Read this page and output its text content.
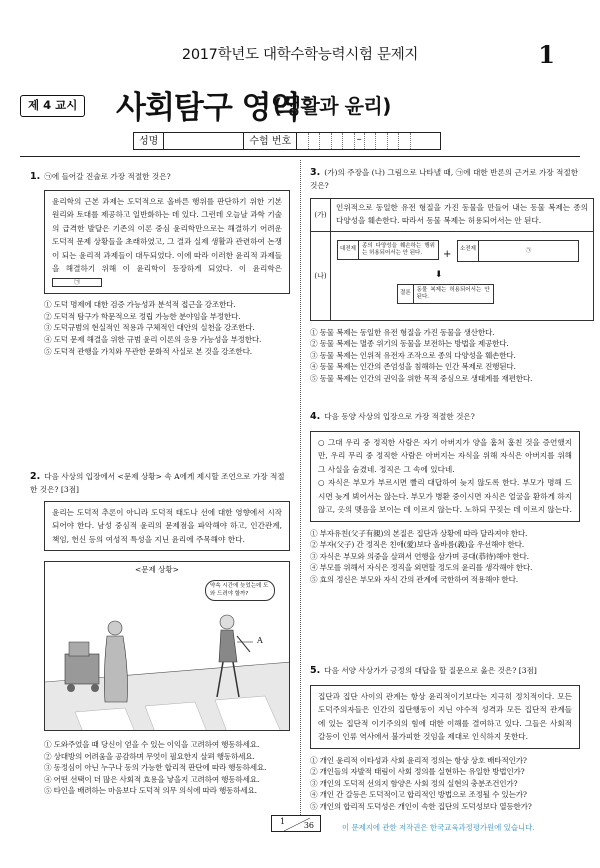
2017학년도 대학수학능력시험 문제지	1
제 4 교시 사회탐구 영역
(생활과 윤리)
성명	수험 번호	–
1. ㉠에 들어갈 진술로 가장 적절한 것은?
윤리학의 근본 과제는 도덕적으로 올바른 행위를 판단하기 위한 기본 원리와 토대를 제공하고 일반화하는 데 있다. 그런데 오늘날 과학 기술의 급격한 발달은 기존의 이론 중심 윤리학만으로는 해결하기 어려운 도덕적 문제 상황들을 초래하였고, 그 결과 실제 생활과 관련하여 논쟁이 되는 윤리적 과제들이 대두되었다. 이에 따라 이러한 윤리적 과제들을 해결하기 위해 이 윤리학이 등장하게 되었다. 이 윤리학은 ㉠
① 도덕 명제에 대한 검증 가능성과 분석적 접근을 강조한다.
② 도덕적 탐구가 학문적으로 정립 가능한 분야임을 부정한다.
③ 도덕규범의 현실적인 적용과 구체적인 대안의 실천을 강조한다.
④ 도덕 문제 해결을 위한 규범 윤리 이론의 응용 가능성을 부정한다.
⑤ 도덕적 관행을 가치와 무관한 문화적 사실로 본 것을 강조한다.
2. 다음 사상의 입장에서 <문제 상황> 속 A에게 제시할 조언으로 가장 적절한 것은? [3점]
윤리는 도덕적 추론이 아니라 도덕적 태도나 선에 대한 영향에서 시작되어야 한다. 남성 중심적 윤리의 문제점을 파악해야 하고, 인간관계, 책임, 헌신 등의 여성적 특성을 지닌 윤리에 주목해야 한다.
<문제 상황>
약속 시간에 늦었는데 도와 드려야 할까?
A
① 도와주었을 때 당신이 얻을 수 있는 이익을 고려하여 행동하세요.
② 상대방의 어려움을 공감하며 무엇이 필요한지 살펴 행동하세요.
③ 동정심이 아닌 누구나 동의 가능한 합리적 판단에 따라 행동하세요.
④ 어떤 선택이 더 많은 사회적 효용을 낳을지 고려하여 행동하세요.
⑤ 타인을 배려하는 마음보다 도덕적 의무 의식에 따라 행동하세요.
3. (가)의 주장을 (나) 그림으로 나타낼 때, ㉠에 대한 반론의 근거로 가장 적절한 것은?
(가)
인위적으로 동일한 유전 형질을 가진 동물을 만들어 내는 동물 복제는 종의 다양성을 훼손한다. 따라서 동물 복제는 허용되어서는 안 된다.
(나)
대전제	종의 다양성을 훼손하는 행위는 허용되어서는 안 된다.	+	소전제	㉠
⬇
결론	동물 복제는 허용되어서는 안 된다.
① 동물 복제는 동일한 유전 형질을 가진 동물을 생산한다.
② 동물 복제는 멸종 위기의 동물을 보전하는 방법을 제공한다.
③ 동물 복제는 인위적 유전자 조작으로 종의 다양성을 훼손한다.
④ 동물 복제는 인간의 존엄성을 침해하는 인간 복제로 진행된다.
⑤ 동물 복제는 인간의 권익을 위한 목적 중심으로 생태계를 재편한다.
4. 다음 동양 사상의 입장으로 가장 적절한 것은?
○ 그대 우리 중 정직한 사람은 자기 아버지가 양을 훔쳐 훔친 것을 증언했지만, 우리 무리 중 정직한 사람은 아버지는 자식을 위해 자식은 아버지를 위해 그 사실을 숨겼네. 정직은 그 속에 있다네.
○ 자식은 부모가 부르시면 빨리 대답하여 늦지 않도록 한다. 부모가 명해 드시면 늦게 뵈어서는 않는다. 부모가 병환 중이시면 자식은 얼굴을 환하게 하지 않고, 옷의 맺음을 보이는 데 이르지 않는다. 노하되 꾸짖는 데 이르지 않는다.
① 부자유친(父子有親)의 본질은 집단과 상황에 따라 달라져야 한다.
② 부자(父子) 간 정직은 친애(愛)보다 올바름(義)을 우선해야 한다.
③ 자식은 부모와 의중을 살펴서 언행을 삼가며 공대(恭待)해야 한다.
④ 부모를 위해서 자식은 정직을 외면할 정도의 윤리를 생각해야 한다.
⑤ 효의 정신은 부모와 자식 간의 관계에 국한하여 적용해야 한다.
5. 다음 서양 사상가가 긍정의 대답을 할 질문으로 옳은 것은? [3점]
집단과 집단 사이의 관계는 항상 윤리적이기보다는 지극히 정치적이다. 모든 도덕주의자들은 인간의 집단행동이 지닌 야수적 성격과 모든 집단적 관계들에 있는 집단적 이기주의의 힘에 대한 이해를 결여하고 있다. 그들은 사회적 갈등이 인류 역사에서 불가피한 것임을 제대로 인식하지 못한다.
① 개인 윤리적 이타성과 사회 윤리적 정의는 항상 상호 배타적인가?
② 개인들의 자발적 태림이 사회 정의를 실현하는 유일한 방법인가?
③ 개인의 도덕적 선의지 함양은 사회 정의 실현의 충분조건인가?
④ 개인 간 갈등은 도덕적이고 합리적인 방법으로 조정될 수 있는가?
⑤ 개인의 합리적 도덕성은 개인이 속한 집단의 도덕성보다 열등한가?
1 36	이 문제지에 관한 저작권은 한국교육과정평가원에 있습니다.
